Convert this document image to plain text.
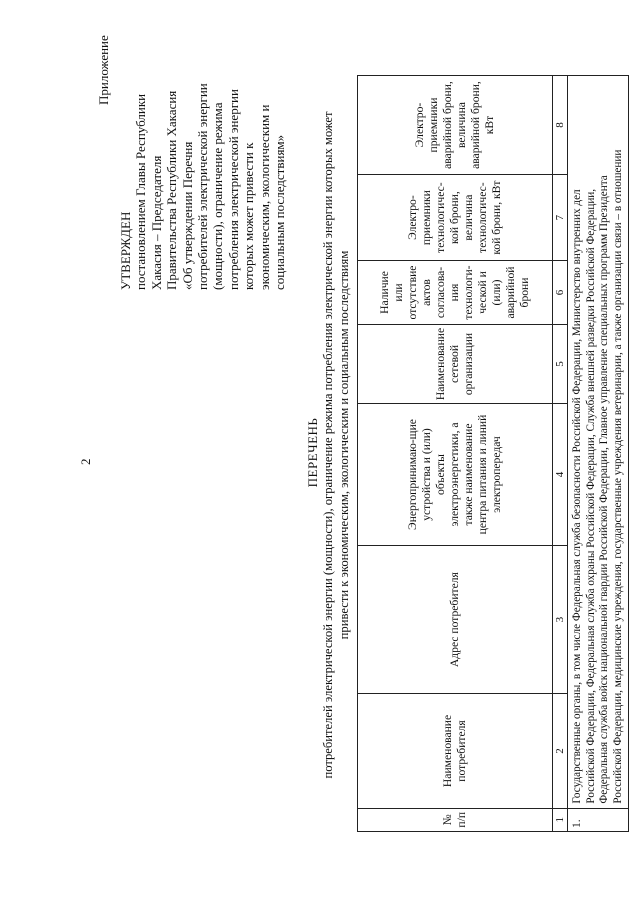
2
Приложение
УТВЕРЖДЕН постановлением Главы Республики Хакасия – Председателя Правительства Республики Хакасия «Об утверждении Перечня потребителей электрической энергии (мощности), ограничение режима потребления электрической энергии которых может привести к экономическим, экологическим и социальным последствиям»
ПЕРЕЧЕНЬ потребителей электрической энергии (мощности), ограничение режима потребления электрической энергии которых может привести к экономическим, экологическим и социальным последствиям
№ п/п	Наименование потребителя	Адрес потребителя	Энергопринимаю-щие устройства и (или) объекты электроэнергетики, а также наименование центра питания и линий электропередач	Наименование сетевой организации	Наличие или отсутствие актов согласова-ния технологи-ческой и (или) аварийной брони	Электро-приемники технологичес-кой брони, величина технологичес-кой брони, кВт	Электро-приемники аварийной брони, величина аварийной брони, кВт
1	2	3	4	5	6	7	8
1.	Государственные органы, в том числе Федеральная служба безопасности Российской Федерации, Министерство внутренних дел Российской Федерации, Федеральная служба охраны Российской Федерации, Служба внешней разведки Российской Федерации, Федеральная служба войск национальной гвардии Российской Федерации, Главное управление специальных программ Президента Российской Федерации, медицинские учреждения, государственные учреждения ветеринарии, а также организации связи – в отношении						
